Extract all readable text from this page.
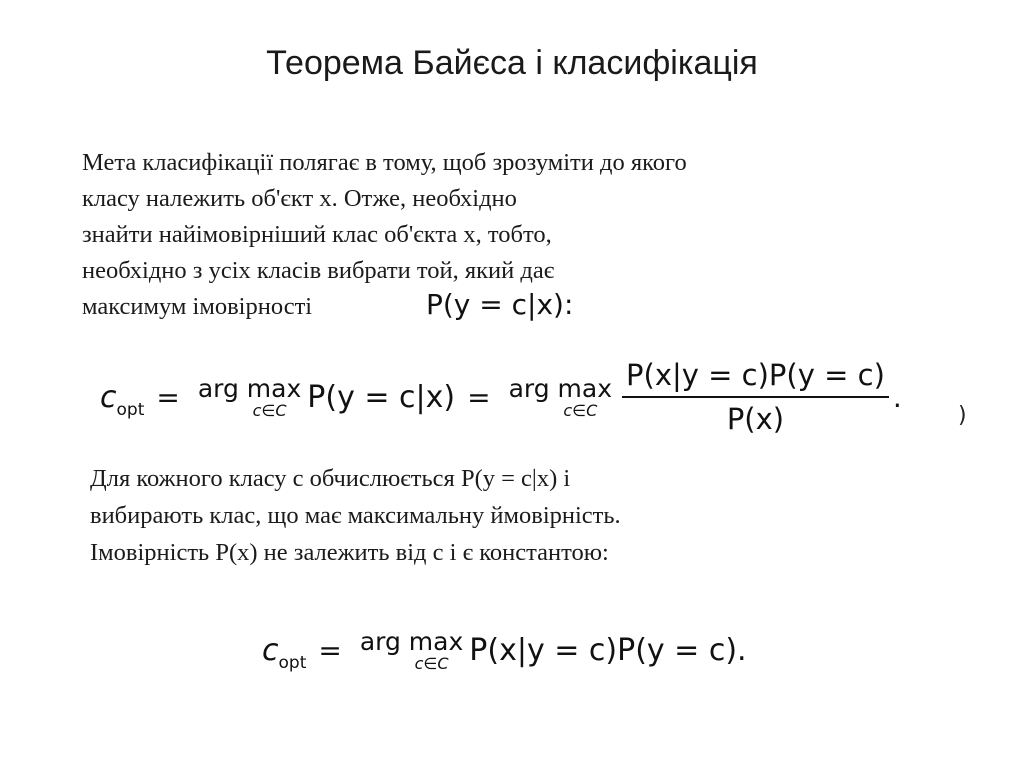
Теорема Байєса і класифікація
Мета класифікації полягає в тому, щоб зрозуміти до якого
класу належить об'єкт x. Отже, необхідно
знайти найімовірніший клас об'єкта x, тобто,
необхідно з усіх класів вибрати той, який дає
максимум імовірності	P(y = c|x):
$c_{opt}$ = arg max
c∈C P(y = c|x) = arg max
c∈C $\frac{P(x|y = c)P(y = c)}{P(x)}$ .
)
Для кожного класу c обчислюється P(y = c|x) і
вибирають клас, що має максимальну ймовірність.
Імовірність P(x) не залежить від c і є константою:
$c_{opt}$ = arg max
c∈C P(x|y = c)P(y = c).
